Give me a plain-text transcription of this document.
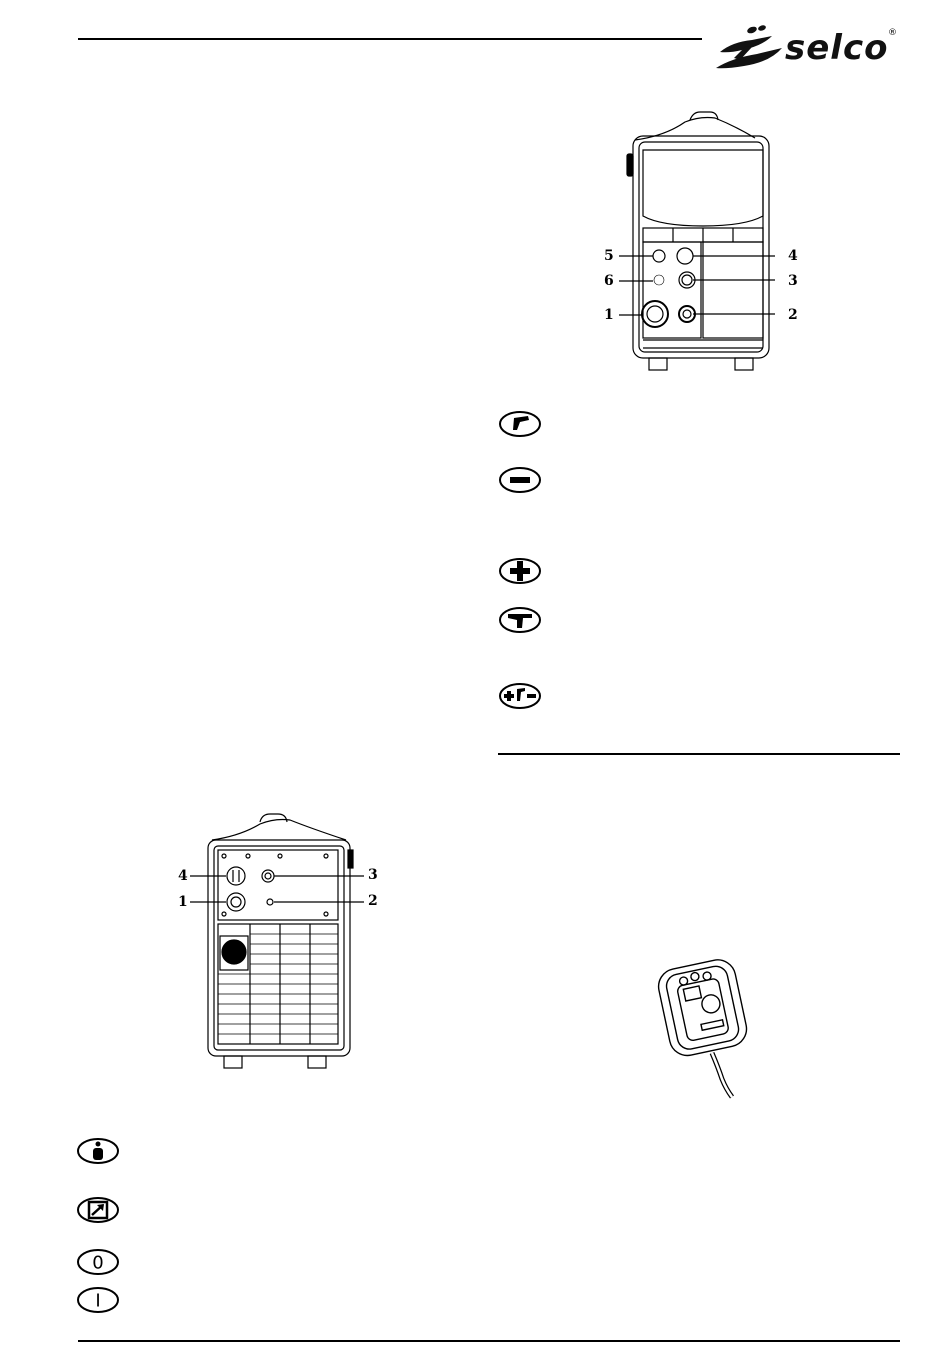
selco ®
5
6
1
4
3
2
4
1
3
2
0
I
